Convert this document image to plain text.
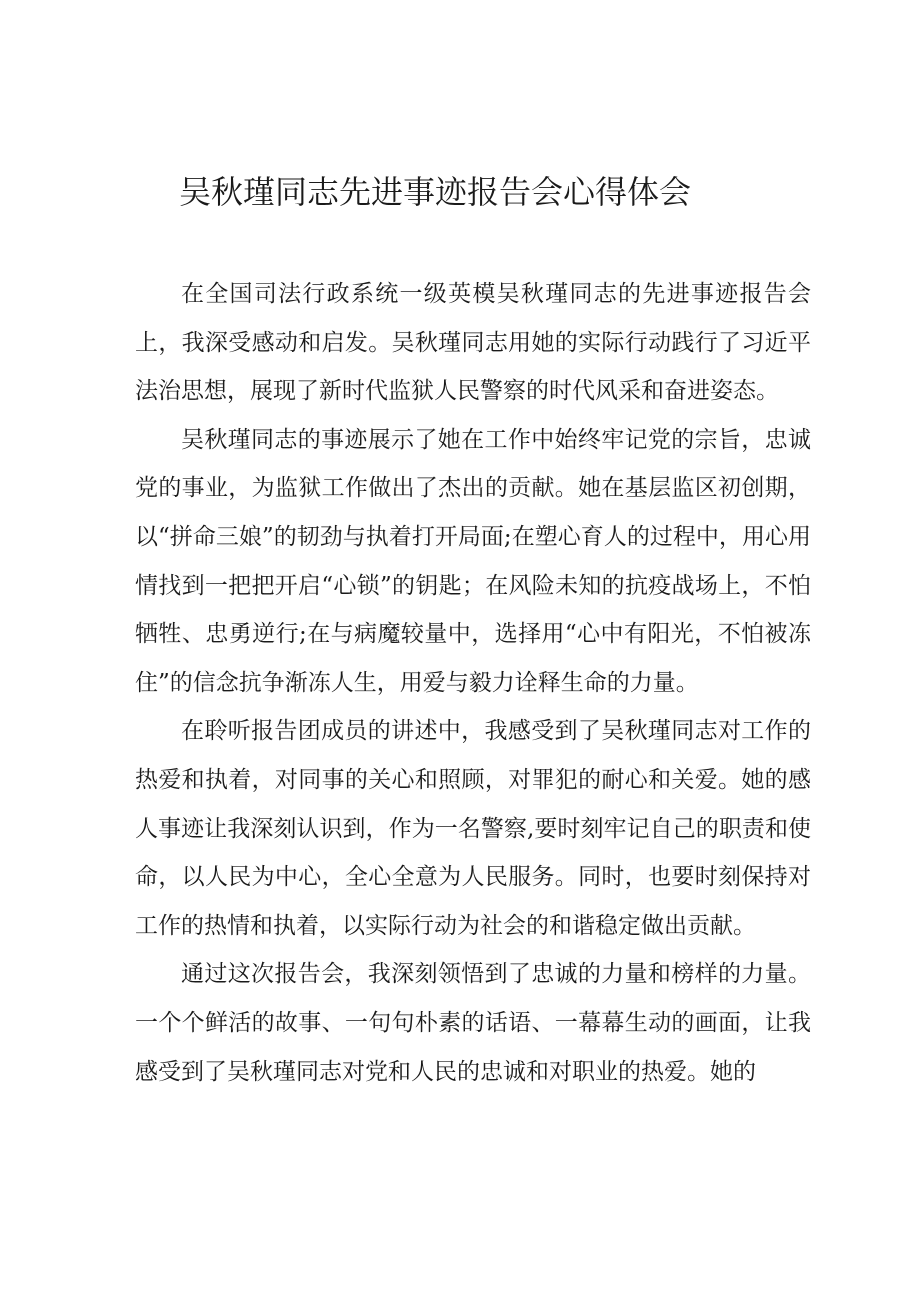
吴秋瑾同志先进事迹报告会心得体会

在全国司法行政系统一级英模吴秋瑾同志的先进事迹报告会上，我深受感动和启发。吴秋瑾同志用她的实际行动践行了习近平法治思想，展现了新时代监狱人民警察的时代风采和奋进姿态。

吴秋瑾同志的事迹展示了她在工作中始终牢记党的宗旨，忠诚党的事业，为监狱工作做出了杰出的贡献。她在基层监区初创期，以“拼命三娘”的韧劲与执着打开局面;在塑心育人的过程中，用心用情找到一把把开启“心锁”的钥匙；在风险未知的抗疫战场上，不怕牺牲、忠勇逆行;在与病魔较量中，选择用“心中有阳光，不怕被冻住”的信念抗争渐冻人生，用爱与毅力诠释生命的力量。

在聆听报告团成员的讲述中，我感受到了吴秋瑾同志对工作的热爱和执着，对同事的关心和照顾，对罪犯的耐心和关爱。她的感人事迹让我深刻认识到，作为一名警察,要时刻牢记自己的职责和使命，以人民为中心，全心全意为人民服务。同时，也要时刻保持对工作的热情和执着，以实际行动为社会的和谐稳定做出贡献。

通过这次报告会，我深刻领悟到了忠诚的力量和榜样的力量。一个个鲜活的故事、一句句朴素的话语、一幕幕生动的画面，让我感受到了吴秋瑾同志对党和人民的忠诚和对职业的热爱。她的
